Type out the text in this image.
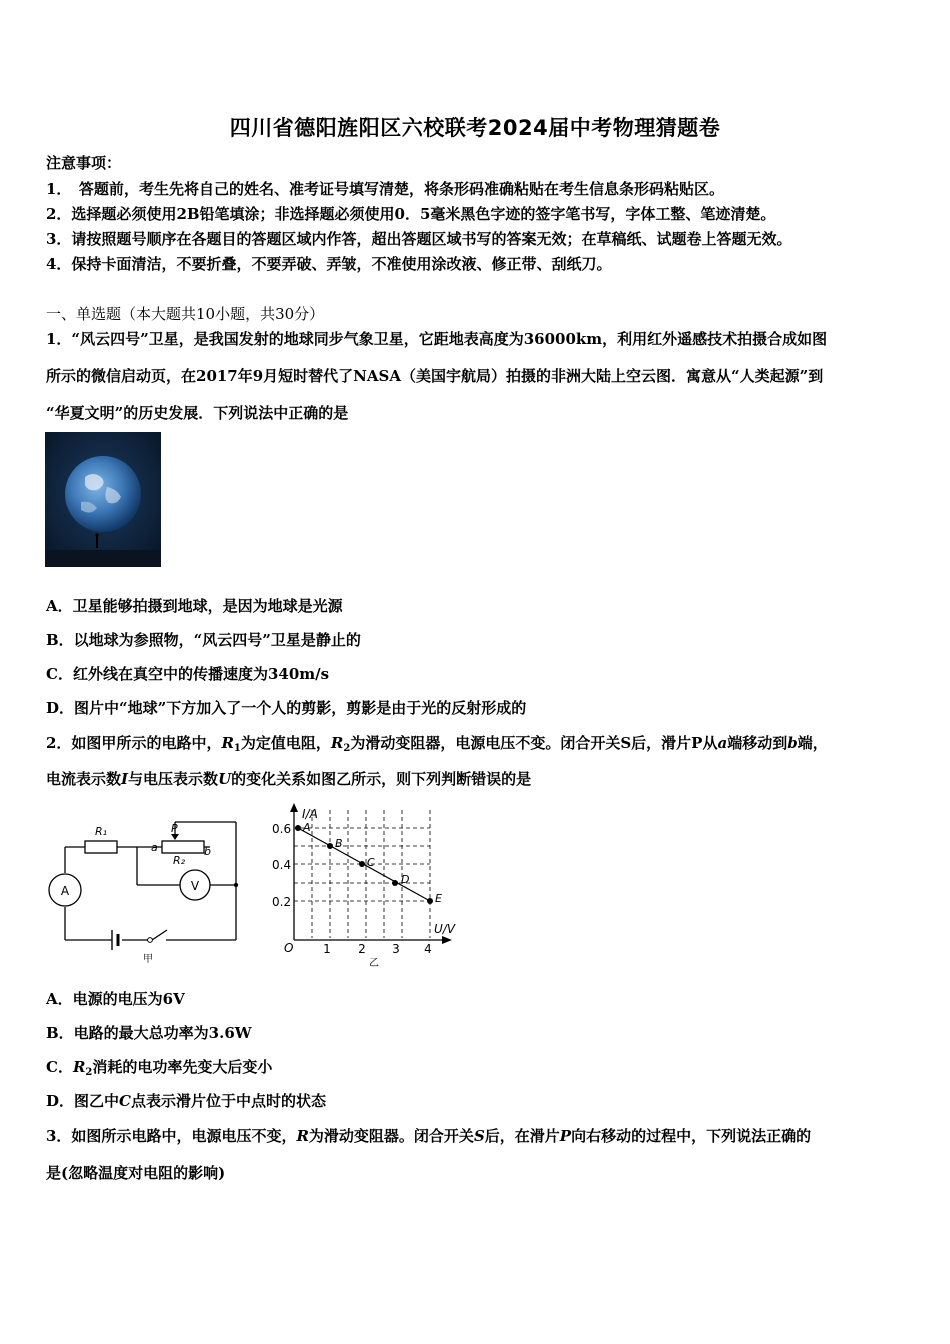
四川省德阳旌阳区六校联考2024届中考物理猜题卷
注意事项：
1．　答题前，考生先将自己的姓名、准考证号填写清楚，将条形码准确粘贴在考生信息条形码粘贴区。
2．选择题必须使用2B铅笔填涂；非选择题必须使用0．5毫米黑色字迹的签字笔书写，字体工整、笔迹清楚。
3．请按照题号顺序在各题目的答题区域内作答，超出答题区域书写的答案无效；在草稿纸、试题卷上答题无效。
4．保持卡面清洁，不要折叠，不要弄破、弄皱，不准使用涂改液、修正带、刮纸刀。
一、单选题（本大题共10小题，共30分）
1．“风云四号”卫星，是我国发射的地球同步气象卫星，它距地表高度为36000km，利用红外遥感技术拍摄合成如图
所示的微信启动页，在2017年9月短时替代了NASA（美国宇航局）拍摄的非洲大陆上空云图．寓意从“人类起源”到
“华夏文明”的历史发展．下列说法中正确的是
A．卫星能够拍摄到地球，是因为地球是光源
B．以地球为参照物，“风云四号”卫星是静止的
C．红外线在真空中的传播速度为340m/s
D．图片中“地球”下方加入了一个人的剪影，剪影是由于光的反射形成的
2．如图甲所示的电路中，$R_1$为定值电阻，$R_2$为滑动变阻器，电源电压不变。闭合开关S后，滑片P从a端移动到b端，
电流表示数I与电压表示数U的变化关系如图乙所示，则下列判断错误的是
R₁	P
a
R₂
b
A	V
甲
I/A
U/V
O
0.6
0.4
0.2
1 2 3 4
乙
A
B
C
D
E
A．电源的电压为6V
B．电路的最大总功率为3.6W
C．$R_2$消耗的电功率先变大后变小
D．图乙中C点表示滑片位于中点时的状态
3．如图所示电路中，电源电压不变，R为滑动变阻器。闭合开关S后，在滑片P向右移动的过程中，下列说法正确的
是(忽略温度对电阻的影响)
